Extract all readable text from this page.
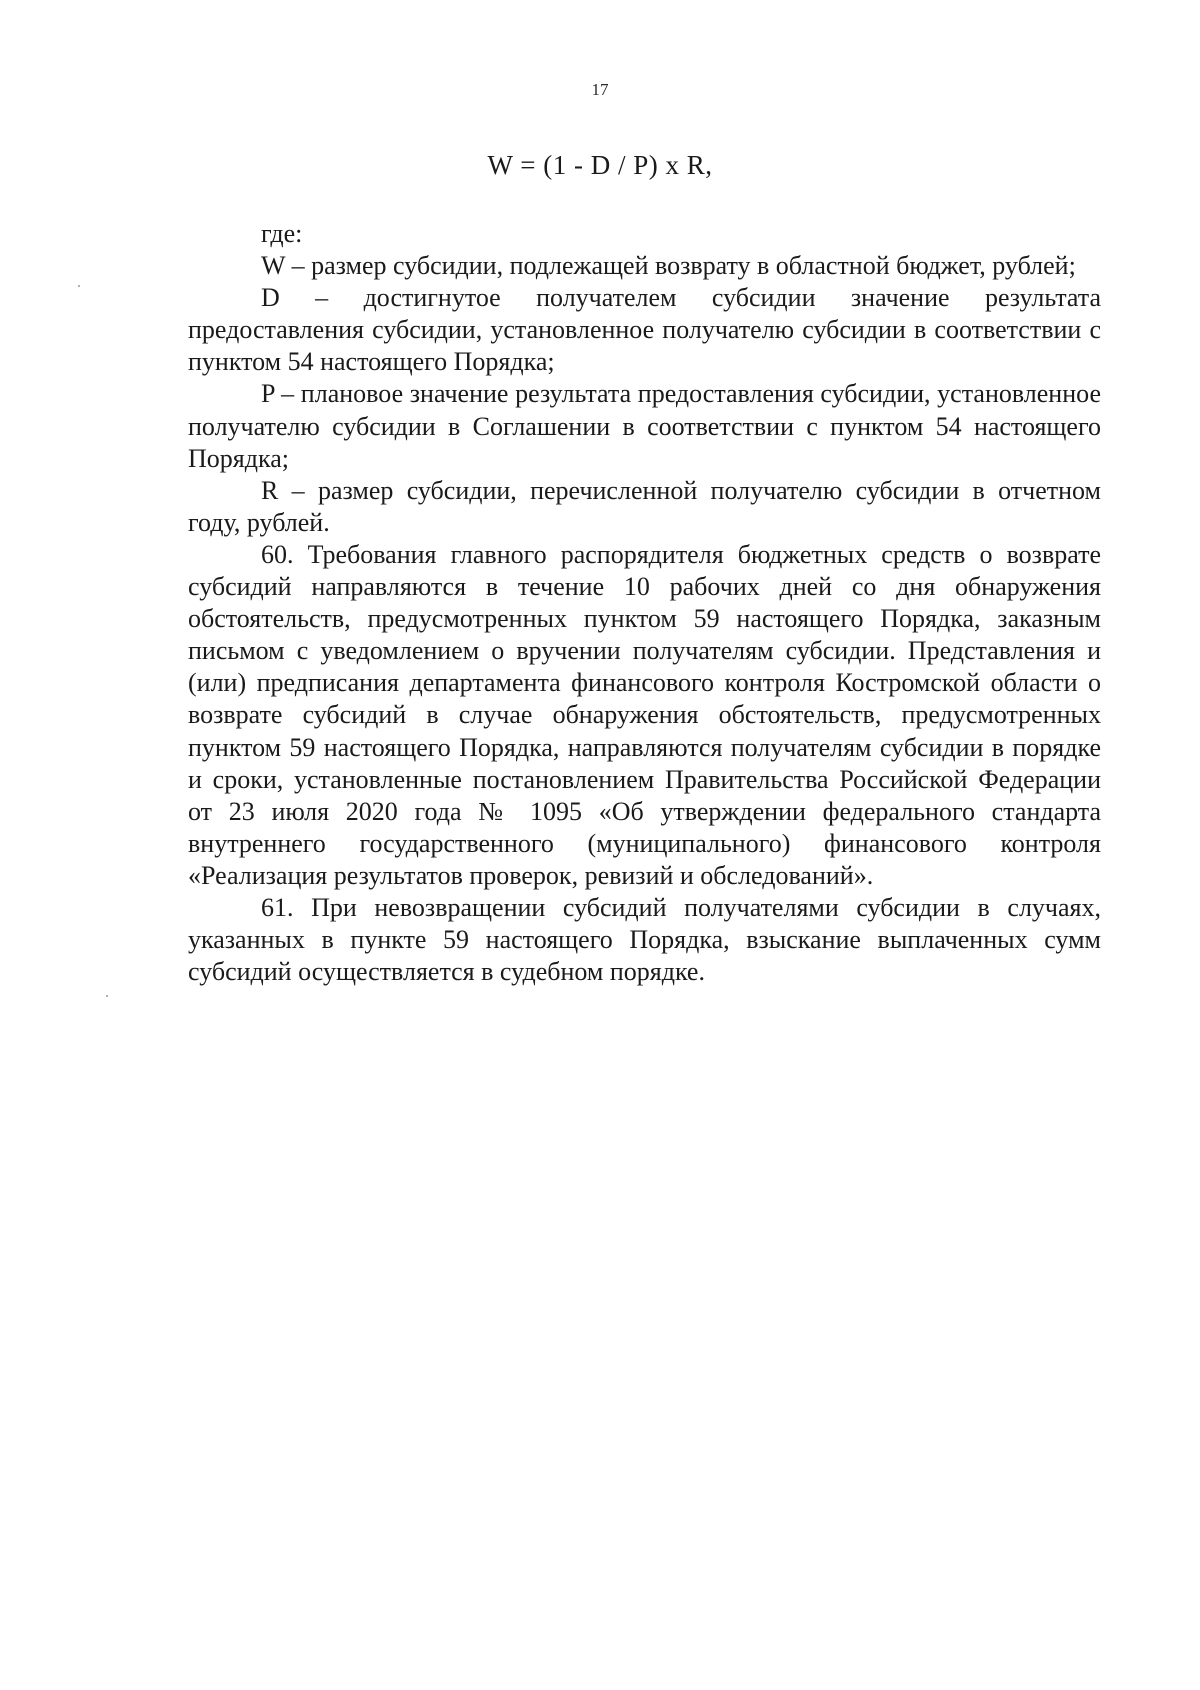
17
W = (1 - D / P) x R,

где:

W – размер субсидии, подлежащей возврату в областной бюджет, рублей;

D – достигнутое получателем субсидии значение результата предоставления субсидии, установленное получателю субсидии в соответствии с пунктом 54 настоящего Порядка;

P – плановое значение результата предоставления субсидии, установленное получателю субсидии в Соглашении в соответствии с пунктом 54 настоящего Порядка;

R – размер субсидии, перечисленной получателю субсидии в отчетном году, рублей.

60. Требования главного распорядителя бюджетных средств о возврате субсидий направляются в течение 10 рабочих дней со дня обнаружения обстоятельств, предусмотренных пунктом 59 настоящего Порядка, заказным письмом с уведомлением о вручении получателям субсидии. Представления и (или) предписания департамента финансового контроля Костромской области о возврате субсидий в случае обнаружения обстоятельств, предусмотренных пунктом 59 настоящего Порядка, направляются получателям субсидии в порядке и сроки, установленные постановлением Правительства Российской Федерации от 23 июля 2020 года № 1095 «Об утверждении федерального стандарта внутреннего государственного (муниципального) финансового контроля «Реализация результатов проверок, ревизий и обследований».

61. При невозвращении субсидий получателями субсидии в случаях, указанных в пункте 59 настоящего Порядка, взыскание выплаченных сумм субсидий осуществляется в судебном порядке.
